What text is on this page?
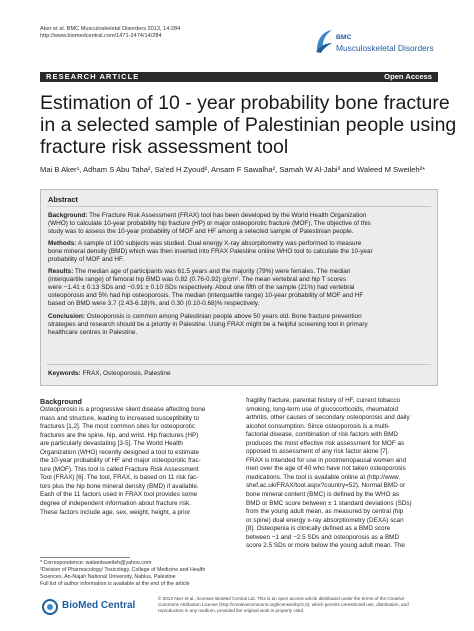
Aker et al. BMC Musculoskeletal Disorders 2013, 14:284
http://www.biomedcentral.com/1471-2474/14/284	BMC
Musculoskeletal Disorders
RESEARCH ARTICLE	Open Access
Estimation of 10 - year probability bone fracture
in a selected sample of Palestinian people using
fracture risk assessment tool
Mai B Aker¹, Adham S Abu Taha², Sa'ed H Zyoud², Ansam F Sawalha², Samah W Al-Jabi³ and Waleed M Sweileh²*
Abstract
Background: The Fracture Risk Assessment (FRAX) tool has been developed by the World Health Organization
(WHO) to calculate 10-year probability hip fracture (HP) or major osteoporotic fracture (MOF). The objective of this
study was to assess the 10-year probability of MOF and HF among a selected sample of Palestinian people.
Methods: A sample of 100 subjects was studied. Dual energy X-ray absorpitometry was performed to measure
bone mineral density (BMD) which was then inserted into FRAX Palestine online WHO tool to calculate the 10-year
probability of MOF and HF.
Results: The median age of participants was 61.5 years and the majority (79%) were females. The median
(interquartile range) of femoral hip BMD was 0.82 (0.76-0.92) g/cm². The mean vertebral and hip T scores
were −1.41 ± 0.13 SDs and −0.91 ± 0.10 SDs respectively. About one fifth of the sample (21%) had vertebral
osteoporosis and 5% had hip osteoporosis. The median (interquartile range) 10-year probability of MOF and HF
based on BMD were 3.7 (2.43-6.18)%, and 0.30 (0.10-0.68)% respectively.
Conclusion: Osteoporosis is common among Palestinian people above 50 years old. Bone fracture prevention
strategies and research should be a priority in Palestine. Using FRAX might be a helpful screening tool in primary
healthcare centres in Palestine.
Keywords: FRAX, Osteoporosis, Palestine
Background
Osteoporosis is a progressive silent disease affecting bone
mass and structure, leading to increased susceptibility to
fractures [1,2]. The most common sites for osteoporotic
fractures are the spine, hip, and wrist. Hip fractures (HP)
are particularly devastating [3-5]. The World Health
Organization (WHO) recently designed a tool to estimate
the 10-year probability of HF and major osteoporotic frac-
ture (MOF). This tool is called Fracture Risk Assessment
Tool (FRAX) [6]. The tool, FRAX, is based on 11 risk fac-
tors plus the hip bone mineral density (BMD) if available.
Each of the 11 factors used in FRAX tool provides some
degree of independent information about fracture risk.
These factors include age, sex, weight, height, a prior
fragility fracture, parental history of HF, current tobacco
smoking, long-term use of glucocorticoids, rheumatoid
arthritis, other causes of secondary osteoporosis and daily
alcohol consumption. Since osteoporosis is a multi-
factorial disease, combination of risk factors with BMD
produces the most effective risk assessment for MOF as
opposed to assessment of any risk factor alone [7].
FRAX is intended for use in postmenopausal women and
men over the age of 40 who have not taken osteoporosis
medications. The tool is available online at (http://www.
shef.ac.uk/FRAX/tool.aspx?country=52). Normal BMD or
bone mineral content (BMC) is defined by the WHO as
BMD or BMC score between ± 1 standard deviations (SDs)
from the young adult mean, as measured by central (hip
or spine) dual energy x-ray absorptiometry (DEXA) scan
[8]. Osteopenia is clinically defined as a BMD score
between −1 and −2.5 SDs and osteoporosis as a BMD
score 2.5 SDs or more below the young adult mean. The
* Correspondence: waleedsweileh@yahoo.com
²Division of Pharmacology/ Toxicology, College of Medicine and Health
Sciences, An-Najah National University, Nablus, Palestine
Full list of author information is available at the end of the article
BioMed Central
© 2013 Aker et al.; licensee BioMed Central Ltd. This is an open access article distributed under the terms of the Creative
Commons Attribution License (http://creativecommons.org/licenses/by/2.0), which permits unrestricted use, distribution, and
reproduction in any medium, provided the original work is properly cited.
